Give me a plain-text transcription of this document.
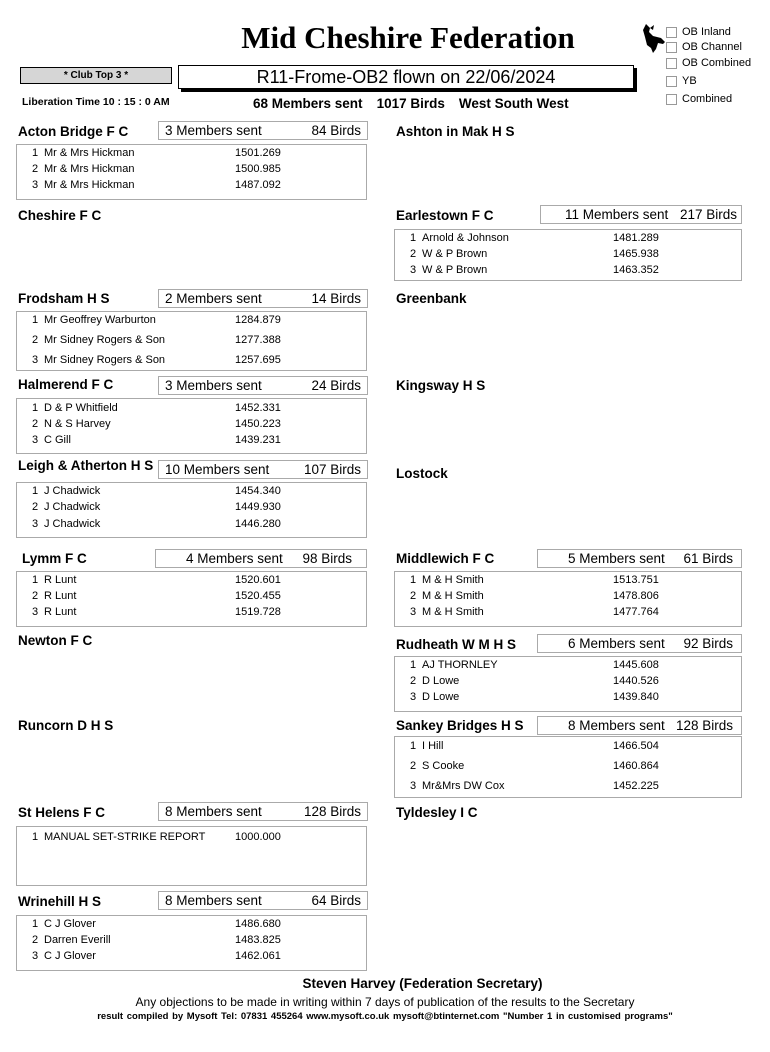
Mid Cheshire Federation	OB Inland
OB Channel
OB Combined
YB
Combined
* Club Top 3 *	R11-Frome-OB2 flown on 22/06/2024
Liberation Time 10 : 15 : 0 AM	68 Members sent 1017 Birds West South West
Acton Bridge F C	3 Members sent	84 Birds
1 Mr & Mrs Hickman	1501.269
2 Mr & Mrs Hickman	1500.985
3 Mr & Mrs Hickman	1487.092
Cheshire F C
Frodsham H S	2 Members sent	14 Birds
1 Mr Geoffrey Warburton	1284.879
2 Mr Sidney Rogers & Son	1277.388
3 Mr Sidney Rogers & Son	1257.695
Halmerend F C	3 Members sent	24 Birds
1 D & P Whitfield	1452.331
2 N & S Harvey	1450.223
3 C Gill	1439.231
Leigh & Atherton H S 10 Members sent	107 Birds
1 J Chadwick	1454.340
2 J Chadwick	1449.930
3 J Chadwick	1446.280
Lymm F C	4 Members sent 98 Birds
1 R Lunt	1520.601
2 R Lunt	1520.455
3 R Lunt	1519.728
Newton F C
Runcorn D H S
St Helens F C	8 Members sent	128 Birds
1 MANUAL SET-STRIKE REPORT	1000.000
Wrinehill H S	8 Members sent	64 Birds
1 C J Glover	1486.680
2 Darren Everill	1483.825
3 C J Glover	1462.061
Ashton in Mak H S
Earlestown F C	11 Members sent 217 Birds
1 Arnold & Johnson	1481.289
2 W & P Brown	1465.938
3 W & P Brown	1463.352
Greenbank
Kingsway H S
Lostock
Middlewich F C	5 Members sent 61 Birds
1 M & H Smith	1513.751
2 M & H Smith	1478.806
3 M & H Smith	1477.764
Rudheath W M H S	6 Members sent 92 Birds
1 AJ THORNLEY	1445.608
2 D Lowe	1440.526
3 D Lowe	1439.840
Sankey Bridges H S	8 Members sent 128 Birds
1 I Hill	1466.504
2 S Cooke	1460.864
3 Mr&Mrs DW Cox	1452.225
Tyldesley I C
Steven Harvey (Federation Secretary)
Any objections to be made in writing within 7 days of publication of the results to the Secretary
result compiled by Mysoft Tel: 07831 455264 www.mysoft.co.uk mysoft@btinternet.com "Number 1 in customised programs"
